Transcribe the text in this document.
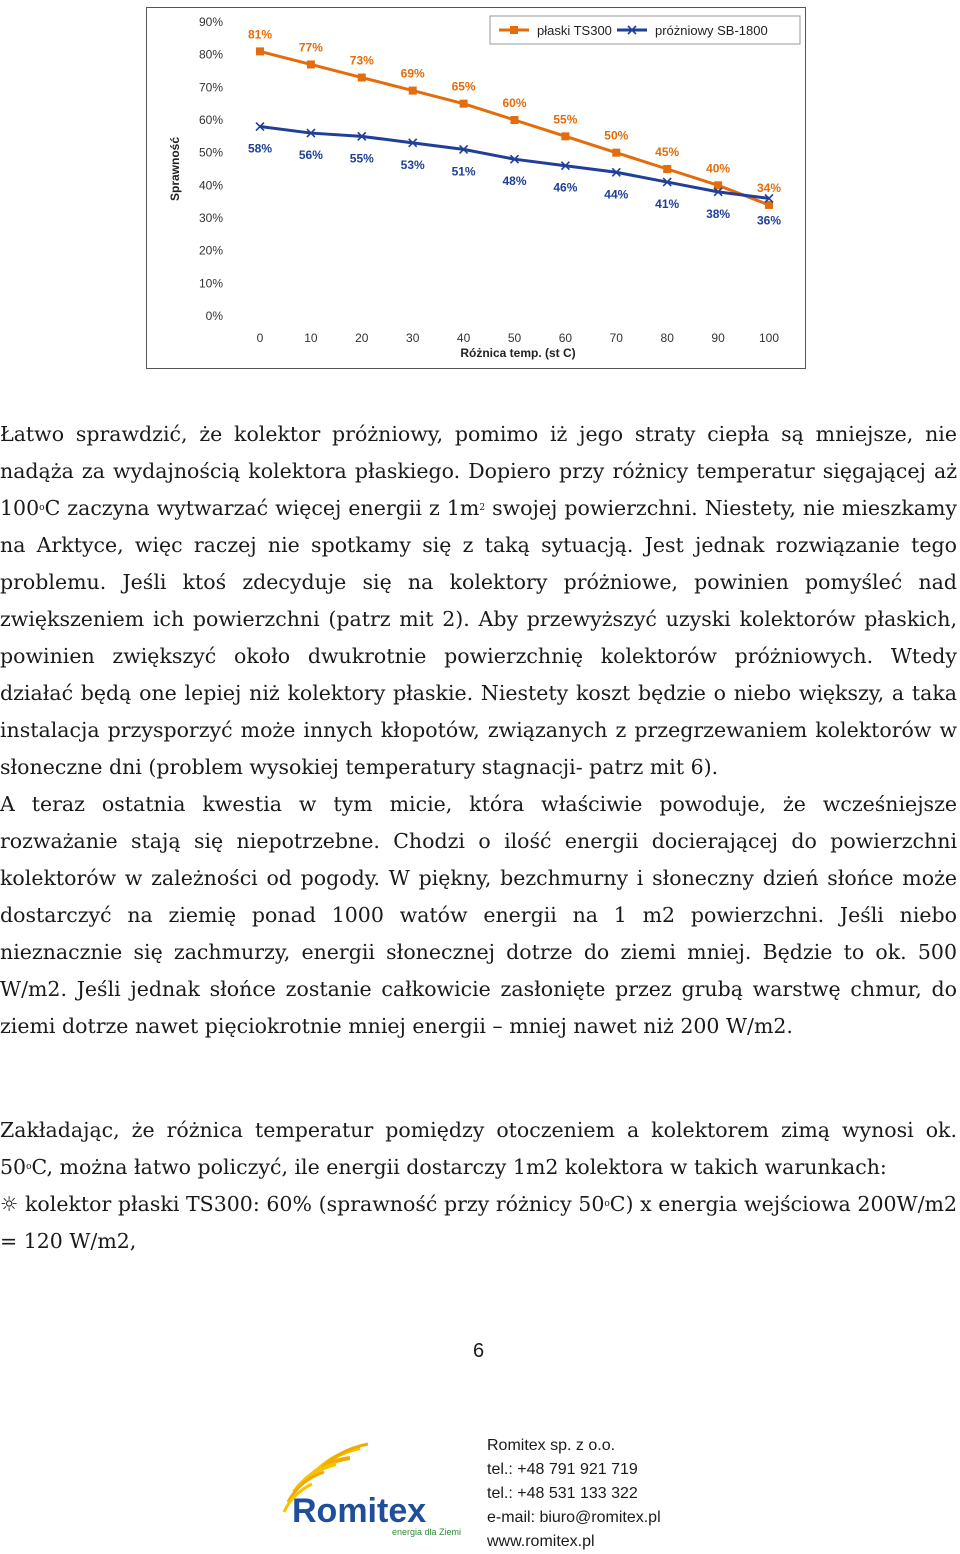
0%
10%
20%
30%
40%
50%
60%
70%
80%
90%
0	10	20	30	40	50	60	70	80	90	100
Różnica temp. (st C)
Sprawność
81%
77%
73%
69%
65%
60%
55%
50%
45%
40%
34%
58% 56% 55% 53% 51%
48% 46% 44%
41%
38% 36%
płaski TS300	próżniowy SB-1800

Łatwo sprawdzić, że kolektor próżniowy, pomimo iż jego straty ciepła są mniejsze, nie nadąża za wydajnością kolektora płaskiego. Dopiero przy różnicy temperatur sięgającej aż 100$^o$C zaczyna wytwarzać więcej energii z $1m^2$ swojej powierzchni. Niestety, nie mieszkamy na Arktyce, więc raczej nie spotkamy się z taką sytuacją. Jest jednak rozwiązanie tego problemu. Jeśli ktoś zdecyduje się na kolektory próżniowe, powinien pomyśleć nad zwiększeniem ich powierzchni (patrz mit 2). Aby przewyższyć uzyski kolektorów płaskich, powinien zwiększyć około dwukrotnie powierzchnię kolektorów próżniowych. Wtedy działać będą one lepiej niż kolektory płaskie. Niestety koszt będzie o niebo większy, a taka instalacja przysporzyć może innych kłopotów, związanych z przegrzewaniem kolektorów w słoneczne dni (problem wysokiej temperatury stagnacji- patrz mit 6).

A teraz ostatnia kwestia w tym micie, która właściwie powoduje, że wcześniejsze rozważanie stają się niepotrzebne. Chodzi o ilość energii docierającej do powierzchni kolektorów w zależności od pogody. W piękny, bezchmurny i słoneczny dzień słońce może dostarczyć na ziemię ponad 1000 watów energii na 1 m2 powierzchni. Jeśli niebo nieznacznie się zachmurzy, energii słonecznej dotrze do ziemi mniej. Będzie to ok. 500 W/m2. Jeśli jednak słońce zostanie całkowicie zasłonięte przez grubą warstwę chmur, do ziemi dotrze nawet pięciokrotnie mniej energii – mniej nawet niż 200 W/m2.

Zakładając, że różnica temperatur pomiędzy otoczeniem a kolektorem zimą wynosi ok. 50$^o$C, można łatwo policzyć, ile energii dostarczy 1m2 kolektora w takich warunkach:

☼ kolektor płaski TS300: 60% (sprawność przy różnicy 50$^o$C) x energia wejściowa 200W/m2 = 120 W/m2,

6
Romitex
energia dla Ziemi
Romitex sp. z o.o.
tel.: +48 791 921 719
tel.: +48 531 133 322
e-mail: biuro@romitex.pl
www.romitex.pl
